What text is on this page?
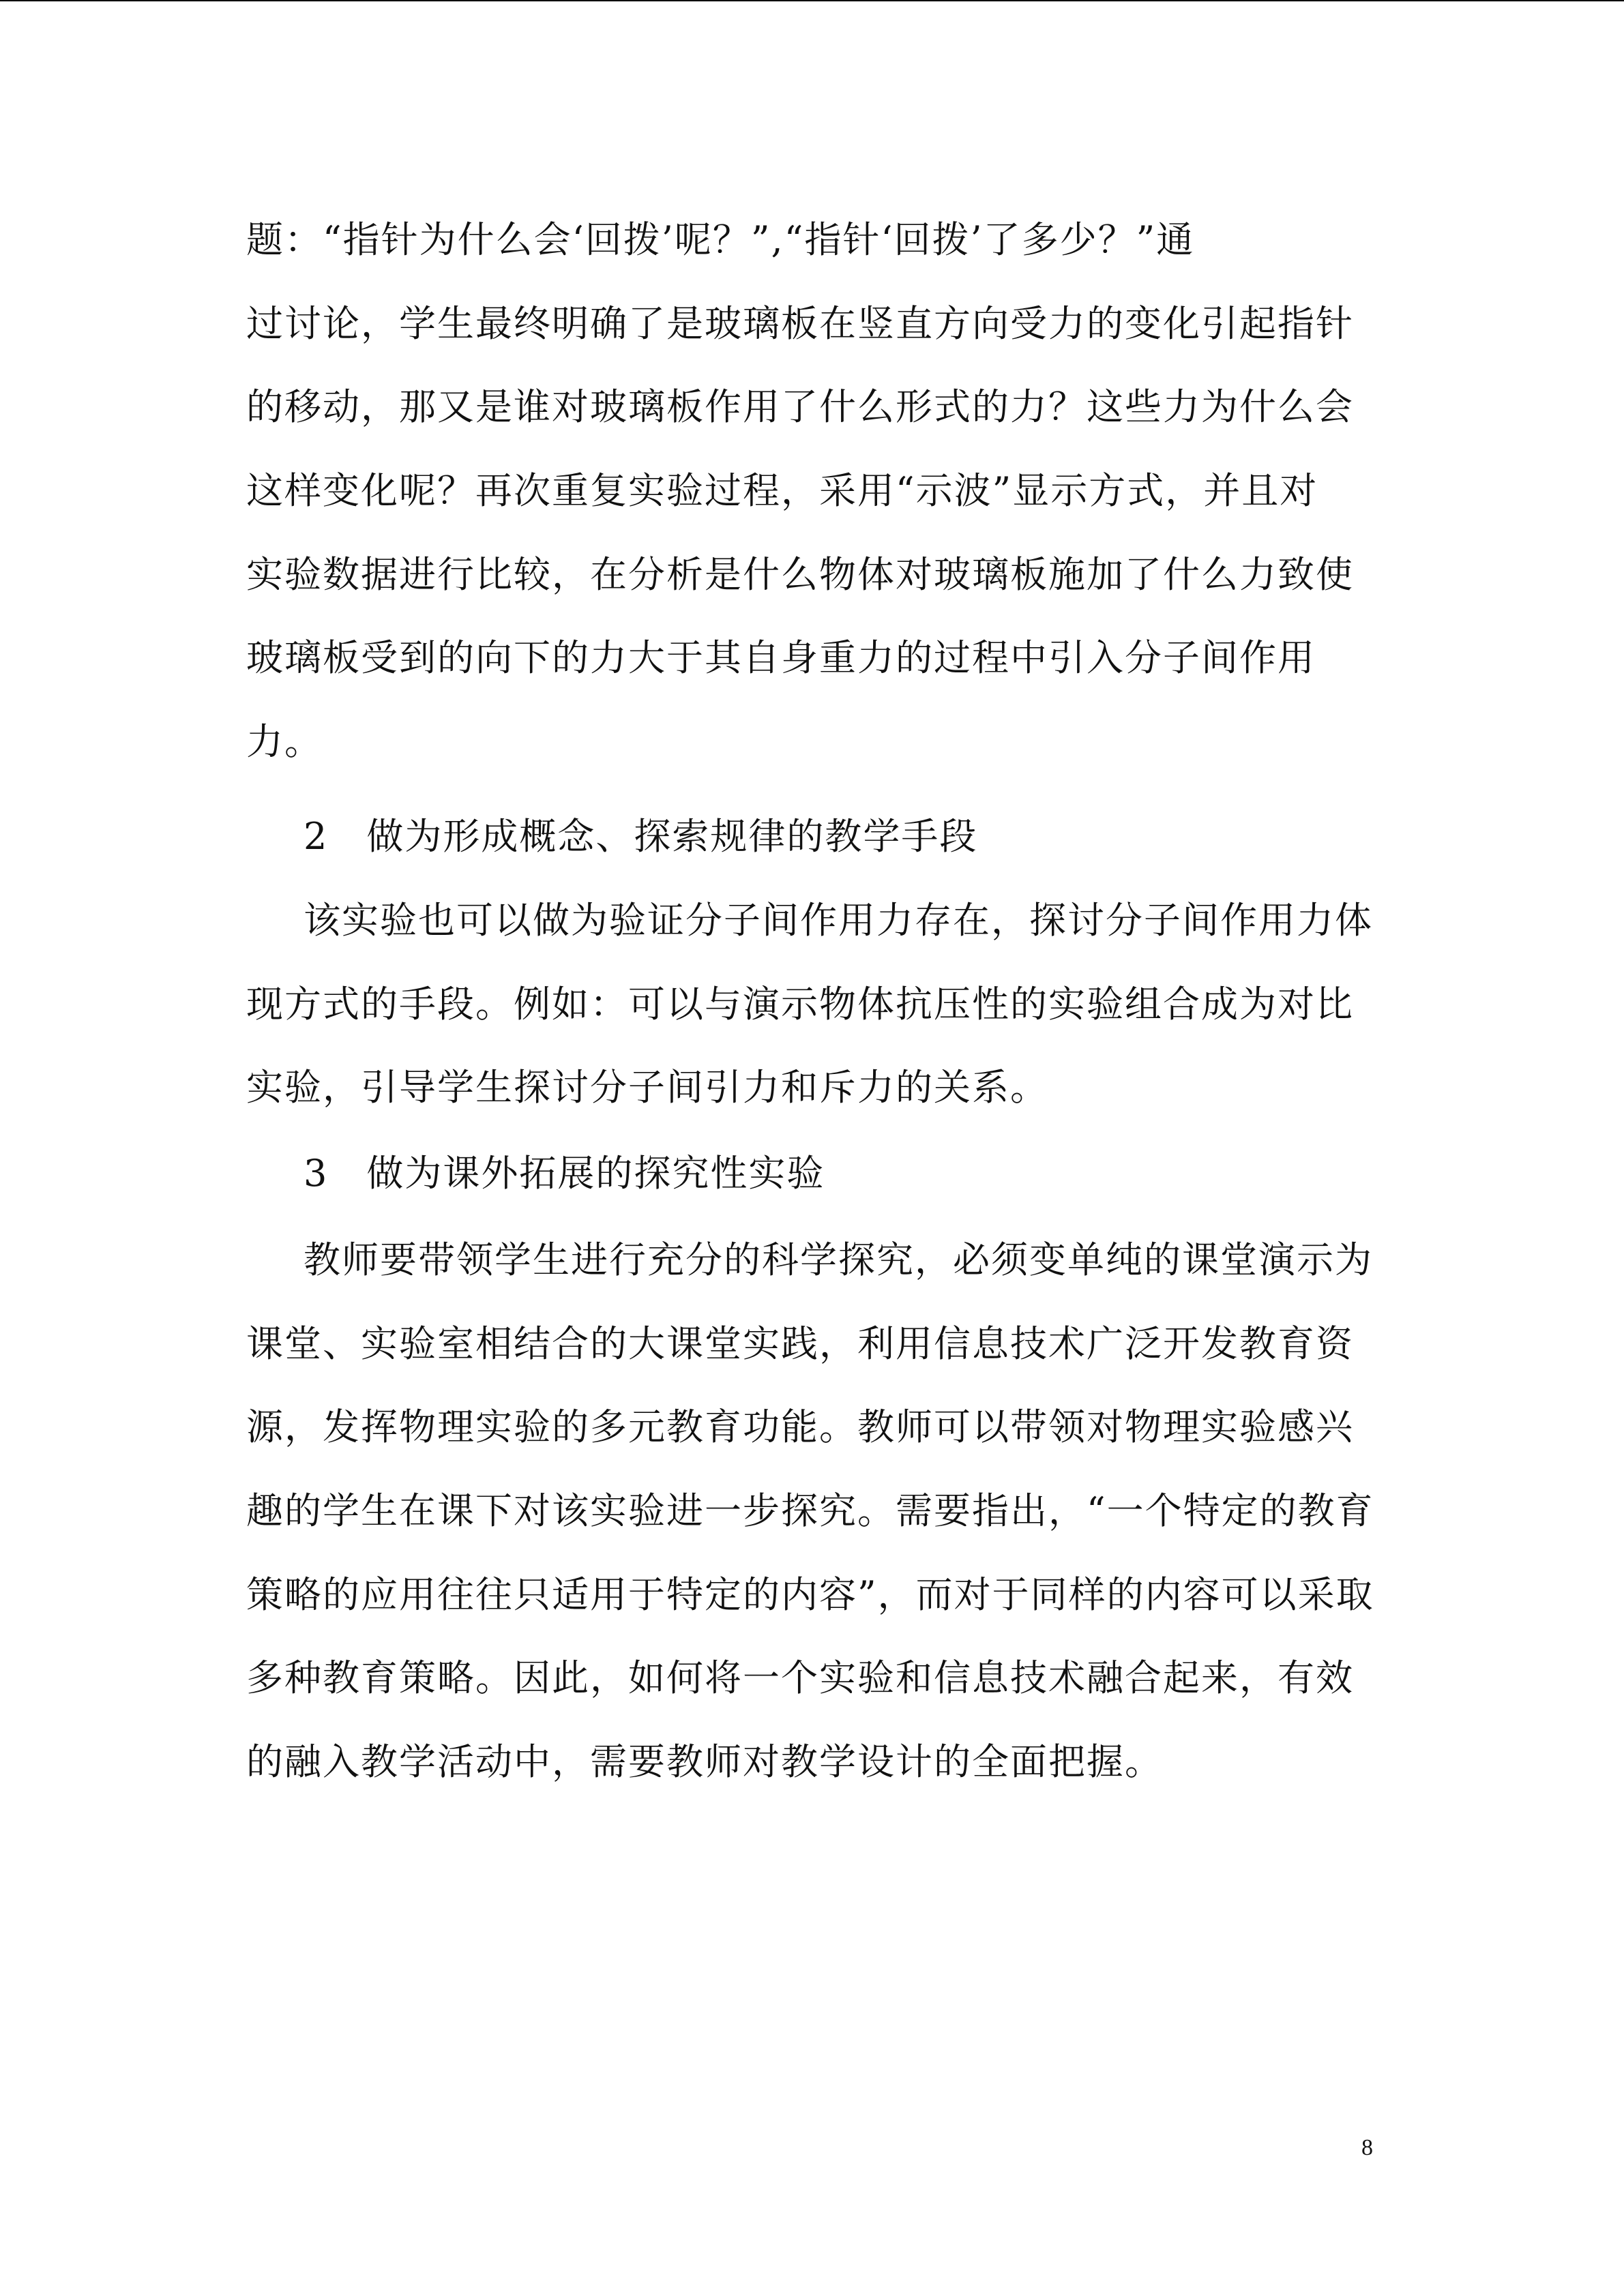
题：“指针为什么会‘回拨’呢？”,“指针‘回拨’了多少？”通
过讨论，学生最终明确了是玻璃板在竖直方向受力的变化引起指针
的移动，那又是谁对玻璃板作用了什么形式的力？这些力为什么会
这样变化呢？再次重复实验过程，采用“示波”显示方式，并且对
实验数据进行比较，在分析是什么物体对玻璃板施加了什么力致使
玻璃板受到的向下的力大于其自身重力的过程中引入分子间作用
力。
2　做为形成概念、探索规律的教学手段
该实验也可以做为验证分子间作用力存在，探讨分子间作用力体
现方式的手段。例如：可以与演示物体抗压性的实验组合成为对比
实验，引导学生探讨分子间引力和斥力的关系。
3　做为课外拓展的探究性实验
教师要带领学生进行充分的科学探究，必须变单纯的课堂演示为
课堂、实验室相结合的大课堂实践，利用信息技术广泛开发教育资
源，发挥物理实验的多元教育功能。教师可以带领对物理实验感兴
趣的学生在课下对该实验进一步探究。需要指出，“一个特定的教育
策略的应用往往只适用于特定的内容”，而对于同样的内容可以采取
多种教育策略。因此，如何将一个实验和信息技术融合起来，有效
的融入教学活动中，需要教师对教学设计的全面把握。
8
